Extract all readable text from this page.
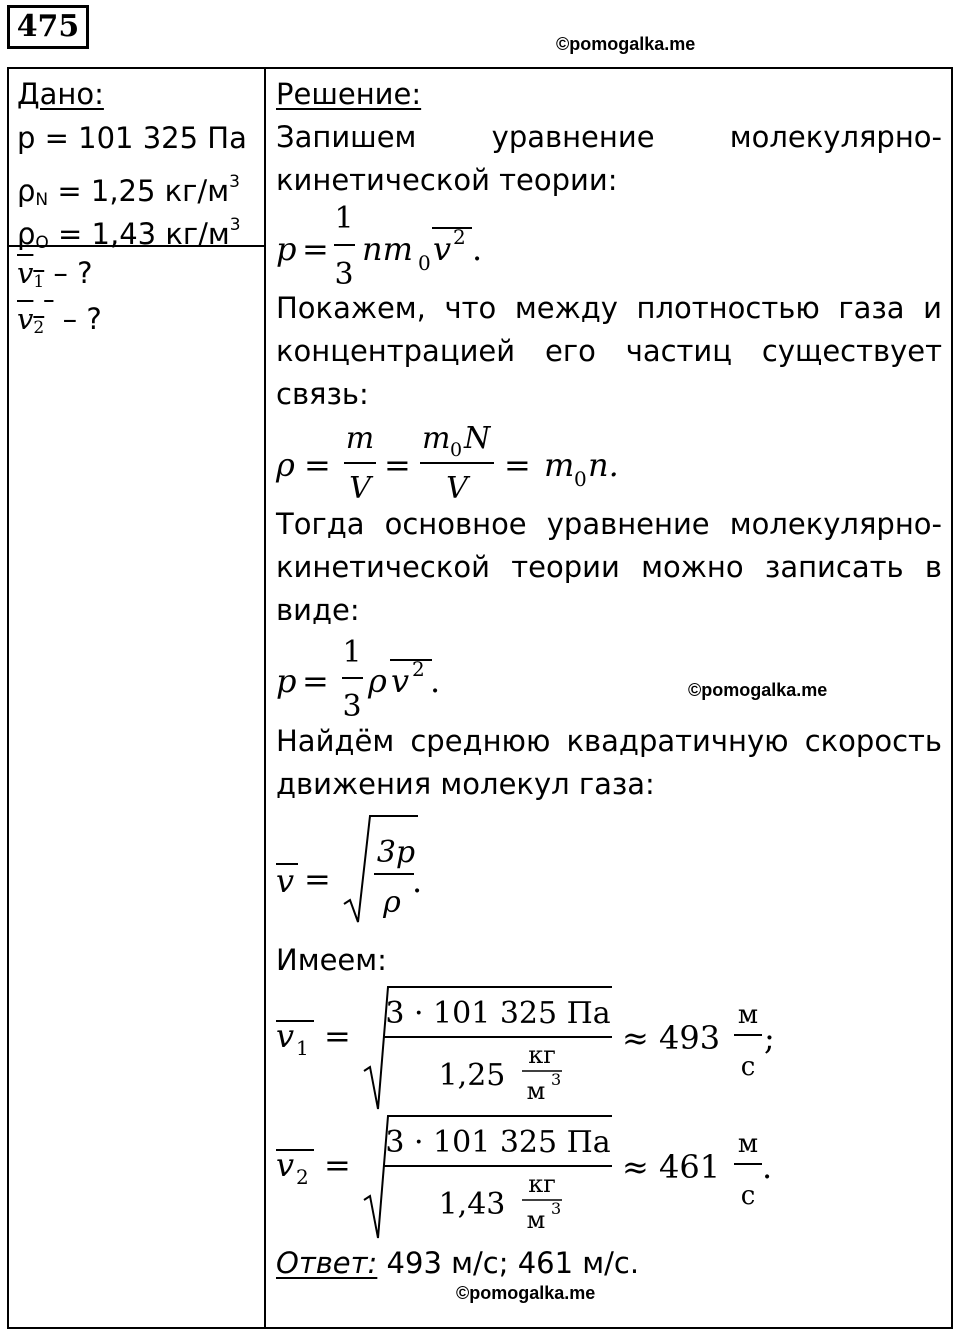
475	©pomogalka.me
Дано:
p = 101 325 Па
$\rho_N = 1,25$ $кг/м^3$
$\rho_O = 1,43$ $кг/м^3$
$v_1$ – ?
$v_2$  – ?
Решение:
Запишем уравнение молекулярно-
кинетической теории:
p =
1
3
nm 0 v 2 .
Покажем, что между плотностью газа и
концентрацией его частиц существует
связь:
ρ =
m
V
=
m 0 N
V
= m 0 n.
Тогда основное уравнение молекулярно-
кинетической теории можно записать в
виде:
p =
1
3
ρ v 2 .	©pomogalka.me
Найдём среднюю квадратичную скорость
движения молекул газа:
v =
3p
ρ
.
Имеем:
v 1 =
3 · 101 325 Па
1,25
кг
м 3
≈ 493
м
с
;
v 2 =
3 · 101 325 Па
1,43
кг
м 3
≈ 461
м
с
.
Ответ: 493 м/с; 461 м/с.
©pomogalka.me
